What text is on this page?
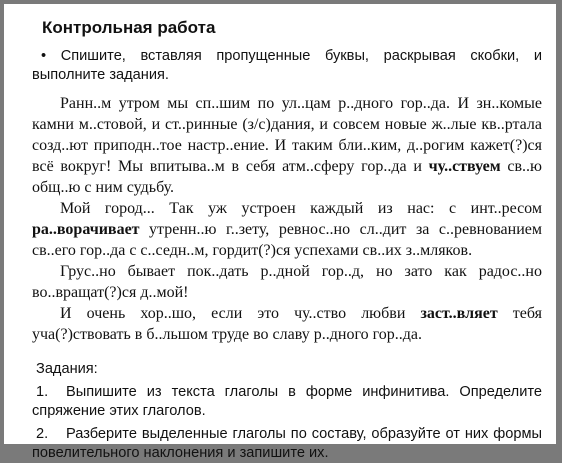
Контрольная работа
• Спишите, вставляя пропущенные буквы, раскрывая скобки, и выполните задания.

Ранн..м утром мы сп..шим по ул..цам р..дного гор..да. И зн..комые камни м..стовой, и ст..ринные (з/с)дания, и совсем новые ж..лые кв..ртала созд..ют приподн..тое настр..ение. И таким бли..ким, д..рогим кажет(?)ся всё вокруг! Мы впитыва..м в себя атм..сферу гор..да и чу..ствуем св..ю общ..ю с ним судьбу.

Мой город... Так уж устроен каждый из нас: с инт..ресом ра..ворачивает утренн..ю г..зету, ревнос..но сл..дит за с..ревнованием св..его гор..да с с..седн..м, гордит(?)ся успехами св..их з..мляков.

Грус..но бывает пок..дать р..дной гор..д, но зато как радос..но во..вращат(?)ся д..мой!

И очень хор..шо, если это чу..ство любви заст..вляет тебя уча(?)ствовать в б..льшом труде во славу р..дного гор..да.

Задания:
1. Выпишите из текста глаголы в форме инфинитива. Определите спряжение этих глаголов.
2. Разберите выделенные глаголы по составу, образуйте от них формы повелительного наклонения и запишите их.
